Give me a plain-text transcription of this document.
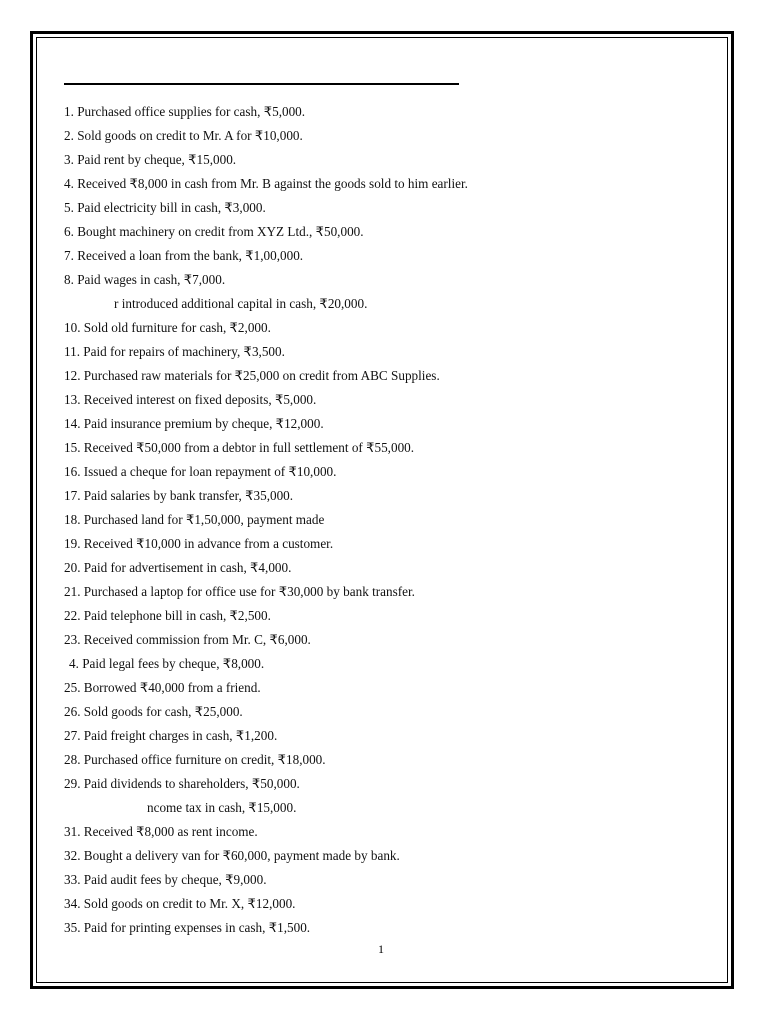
1. Purchased office supplies for cash, ₹5,000.
2. Sold goods on credit to Mr. A for ₹10,000.
3. Paid rent by cheque, ₹15,000.
4. Received ₹8,000 in cash from Mr. B against the goods sold to him earlier.
5. Paid electricity bill in cash, ₹3,000.
6. Bought machinery on credit from XYZ Ltd., ₹50,000.
7. Received a loan from the bank, ₹1,00,000.
8. Paid wages in cash, ₹7,000.
r introduced additional capital in cash, ₹20,000.
10. Sold old furniture for cash, ₹2,000.
11. Paid for repairs of machinery, ₹3,500.
12. Purchased raw materials for ₹25,000 on credit from ABC Supplies.
13. Received interest on fixed deposits, ₹5,000.
14. Paid insurance premium by cheque, ₹12,000.
15. Received ₹50,000 from a debtor in full settlement of ₹55,000.
16. Issued a cheque for loan repayment of ₹10,000.
17. Paid salaries by bank transfer, ₹35,000.
18. Purchased land for ₹1,50,000, payment made
19. Received ₹10,000 in advance from a customer.
20. Paid for advertisement in cash, ₹4,000.
21. Purchased a laptop for office use for ₹30,000 by bank transfer.
22. Paid telephone bill in cash, ₹2,500.
23. Received commission from Mr. C, ₹6,000.
4. Paid legal fees by cheque, ₹8,000.
25. Borrowed ₹40,000 from a friend.
26. Sold goods for cash, ₹25,000.
27. Paid freight charges in cash, ₹1,200.
28. Purchased office furniture on credit, ₹18,000.
29. Paid dividends to shareholders, ₹50,000.
ncome tax in cash, ₹15,000.
31. Received ₹8,000 as rent income.
32. Bought a delivery van for ₹60,000, payment made by bank.
33. Paid audit fees by cheque, ₹9,000.
34. Sold goods on credit to Mr. X, ₹12,000.
35. Paid for printing expenses in cash, ₹1,500.
1
